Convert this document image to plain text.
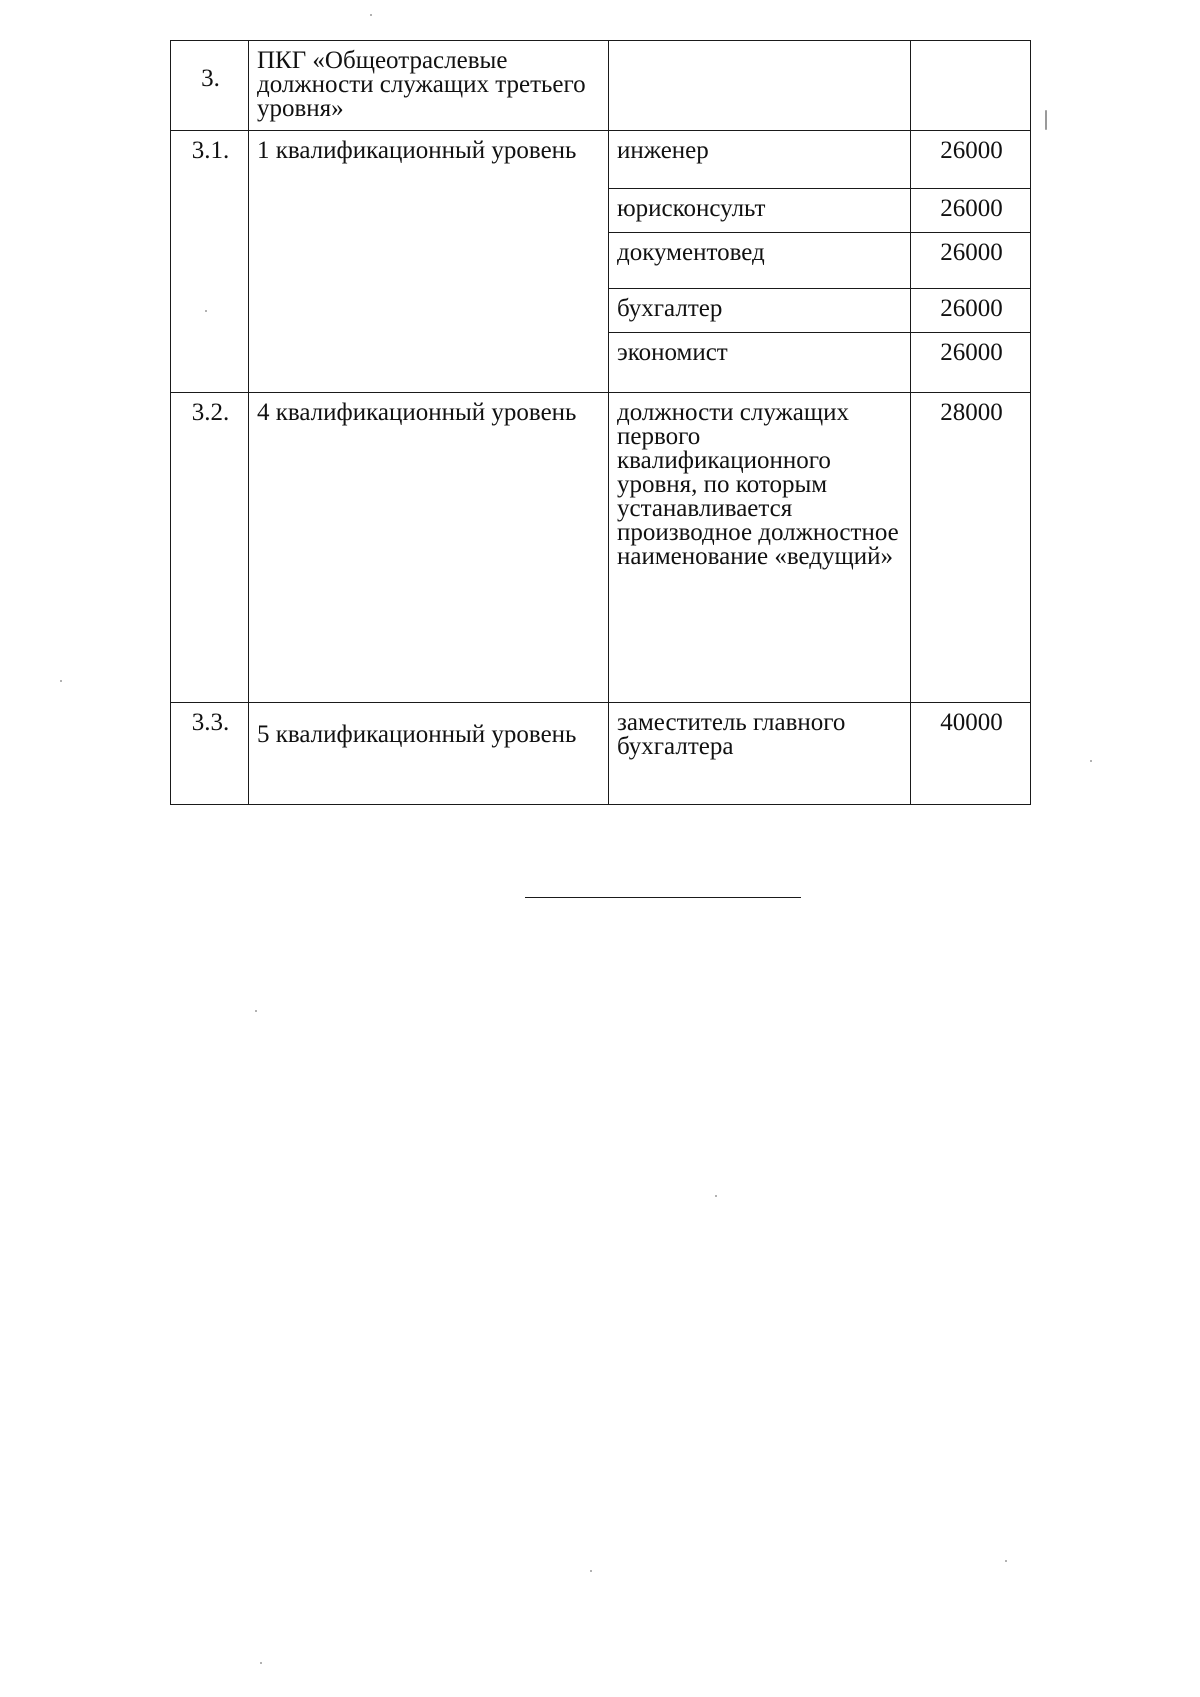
3.	ПКГ «Общеотраслевые должности служащих третьего уровня»		
3.1.	1 квалификационный уровень	инженер	26000
		юрисконсульт	26000
		документовед	26000
		бухгалтер	26000
		экономист	26000
3.2.	4 квалификационный уровень	должности служащих первого квалификационного уровня, по которым устанавливается производное должностное наименование «ведущий»	28000
3.3.	5 квалификационный уровень	заместитель главного бухгалтера	40000
